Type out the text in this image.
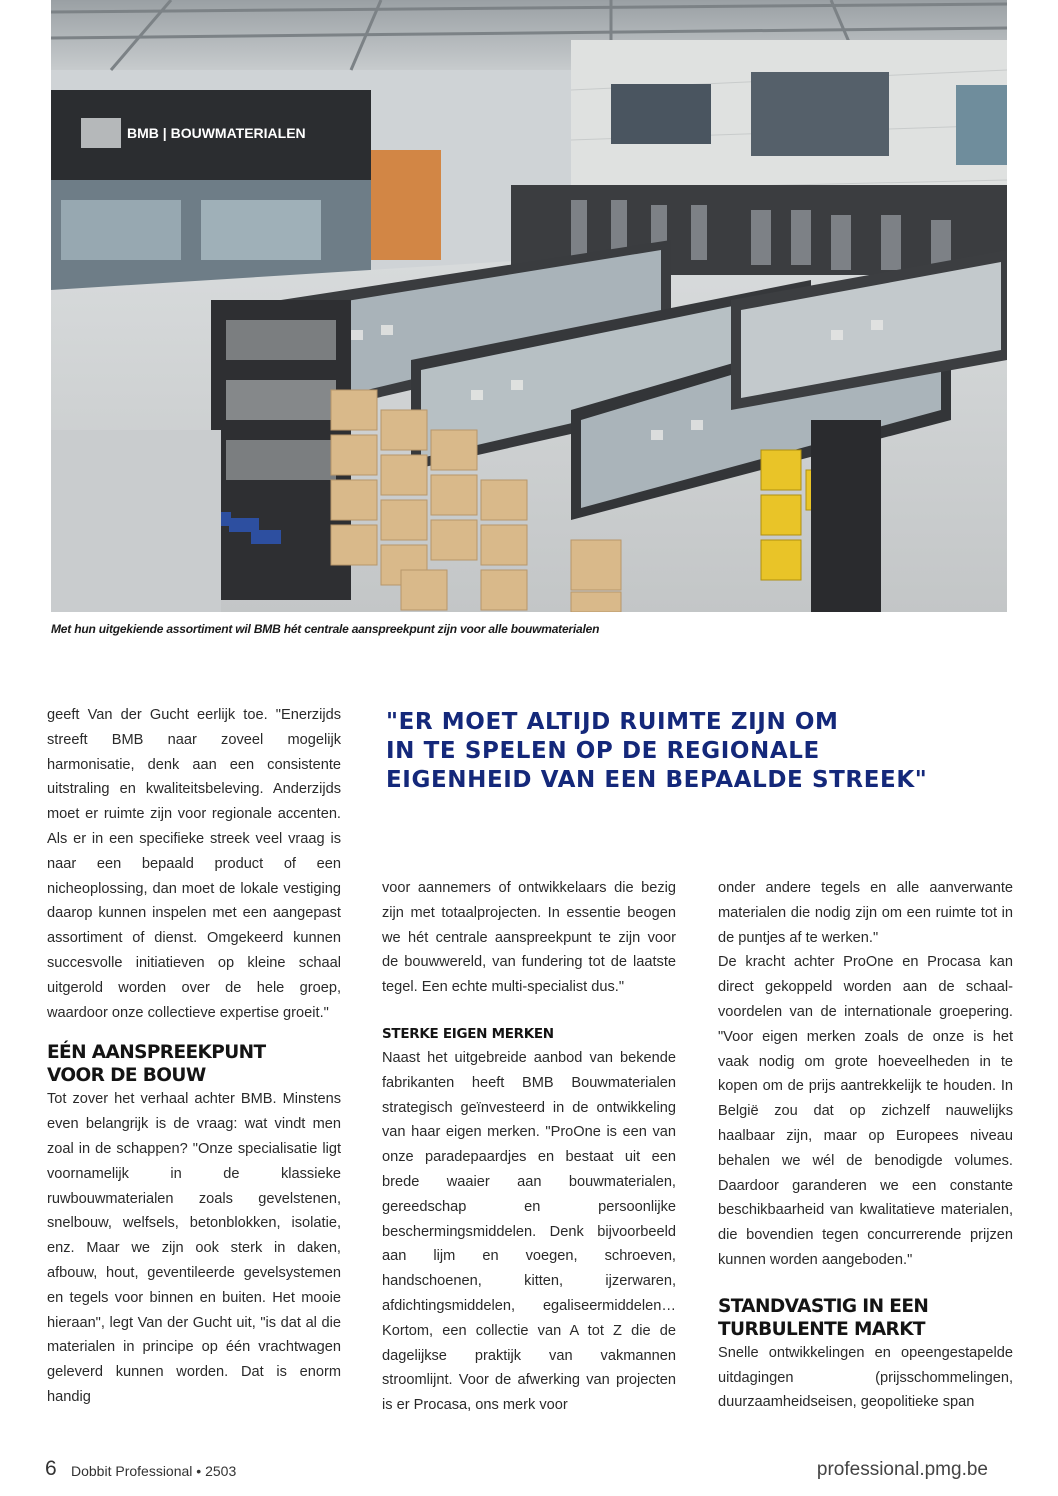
BMB | BOUWMATERIALEN
Met hun uitgekiende assortiment wil BMB hét centrale aanspreekpunt zijn voor alle bouwmaterialen

geeft Van der Gucht eerlijk toe. "Enerzijds streeft BMB naar zoveel mogelijk harmonisatie, denk aan een consistente uitstraling en kwaliteitsbeleving. Anderzijds moet er ruimte zijn voor regionale accenten. Als er in een specifieke streek veel vraag is naar een bepaald product of een nicheoplossing, dan moet de lokale vestiging daarop kunnen inspelen met een aangepast assortiment of dienst. Omgekeerd kunnen succesvolle initiatieven op kleine schaal uitgerold worden over de hele groep, waardoor onze collectieve expertise groeit."

EÉN AANSPREEKPUNT
VOOR DE BOUW

Tot zover het verhaal achter BMB. Minstens even belangrijk is de vraag: wat vindt men zoal in de schappen? "Onze specialisatie ligt voornamelijk in de klassieke ruwbouwmaterialen zoals gevelstenen, snelbouw, welfsels, betonblokken, isolatie, enz. Maar we zijn ook sterk in daken, afbouw, hout, geventileerde gevelsystemen en tegels voor binnen en buiten. Het mooie hieraan", legt Van der Gucht uit, "is dat al die materialen in principe op één vrachtwagen geleverd kunnen worden. Dat is enorm handig

"ER MOET ALTIJD RUIMTE ZIJN OM
IN TE SPELEN OP DE REGIONALE
EIGENHEID VAN EEN BEPAALDE STREEK"

voor aannemers of ontwikkelaars die bezig zijn met totaalprojecten. In essentie beogen we hét centrale aanspreekpunt te zijn voor de bouwwereld, van fundering tot de laatste tegel. Een echte multi-specialist dus."

STERKE EIGEN MERKEN

Naast het uitgebreide aanbod van bekende fabrikanten heeft BMB Bouwmaterialen strategisch geïnvesteerd in de ontwikkeling van haar eigen merken. "ProOne is een van onze paradepaardjes en bestaat uit een brede waaier aan bouwmaterialen, gereedschap en persoonlijke beschermingsmiddelen. Denk bijvoorbeeld aan lijm en voegen, schroeven, handschoenen, kitten, ijzerwaren, afdichtingsmiddelen, egaliseermiddelen… Kortom, een collectie van A tot Z die de dagelijkse praktijk van vakmannen stroomlijnt. Voor de afwerking van projecten is er Procasa, ons merk voor

onder andere tegels en alle aanverwante materialen die nodig zijn om een ruimte tot in de puntjes af te werken."

De kracht achter ProOne en Procasa kan direct gekoppeld worden aan de schaalvoordelen van de internationale groepering. "Voor eigen merken zoals de onze is het vaak nodig om grote hoeveelheden in te kopen om de prijs aantrekkelijk te houden. In België zou dat op zichzelf nauwelijks haalbaar zijn, maar op Europees niveau behalen we wél de benodigde volumes. Daardoor garanderen we een constante beschikbaarheid van kwalitatieve materialen, die bovendien tegen concurrerende prijzen kunnen worden aangeboden."

STANDVASTIG IN EEN
TURBULENTE MARKT

Snelle ontwikkelingen en opeengestapelde uitdagingen (prijsschommelingen, duurzaamheidseisen, geopolitieke span

6 Dobbit Professional • 2503	professional.pmg.be
